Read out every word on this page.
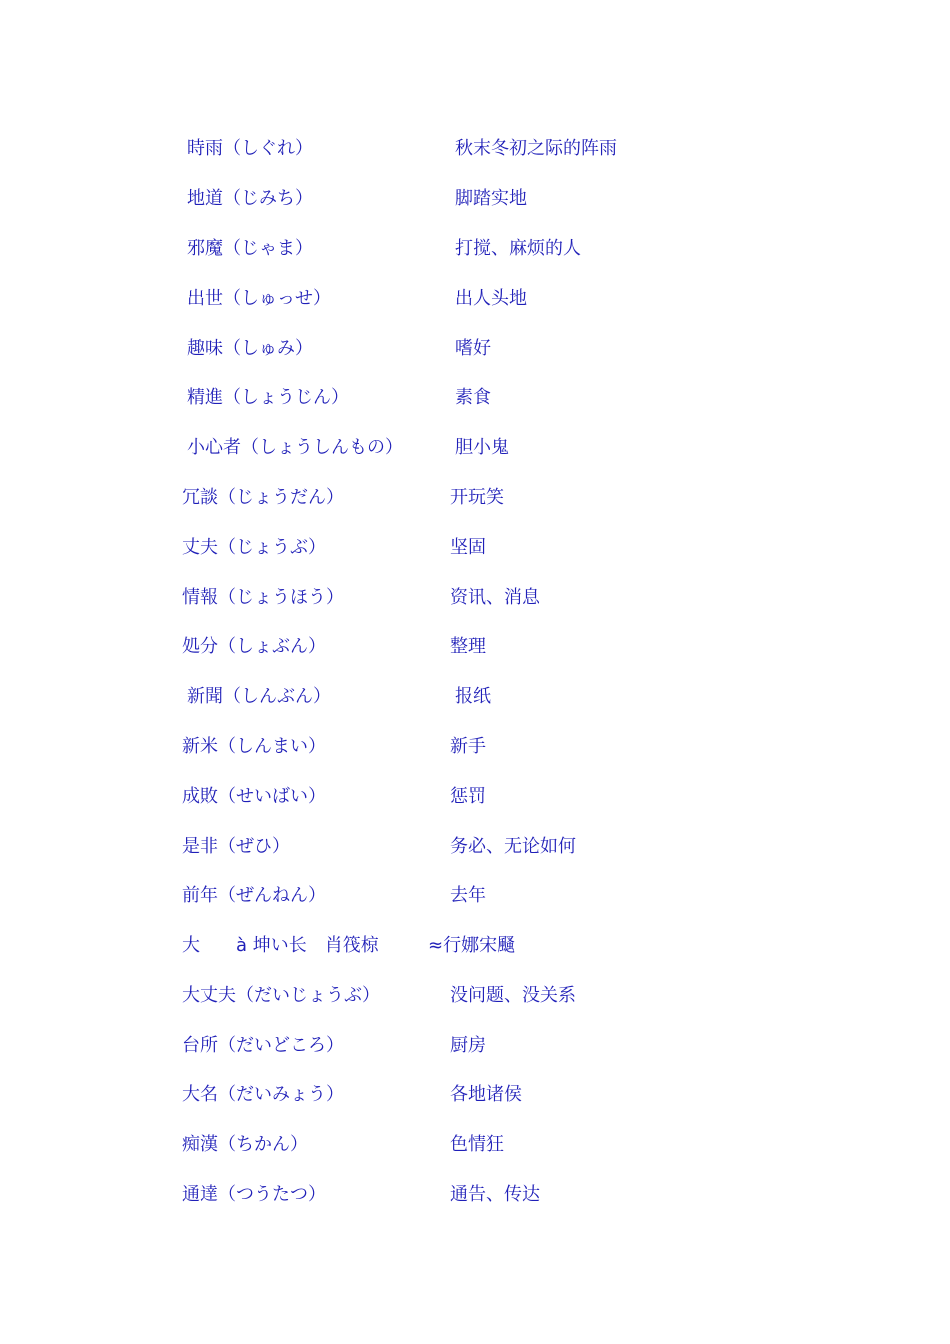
時雨（しぐれ）	秋末冬初之际的阵雨
地道（じみち）	脚踏实地
邪魔（じゃま）	打搅、麻烦的人
出世（しゅっせ）	出人头地
趣味（しゅみ）	嗜好
精進（しょうじん）	素食
小心者（しょうしんもの）	胆小鬼
冗談（じょうだん）	开玩笑
丈夫（じょうぶ）	坚固
情報（じょうほう）	资讯、消息
処分（しょぶん）	整理
新聞（しんぶん）	报纸
新米（しんまい）	新手
成敗（せいばい）	惩罚
是非（ぜひ）	务必、无论如何
前年（ぜんねん）	去年
大　　à 坤い长　肖筏椋	≈行娜宋颾
大丈夫（だいじょうぶ）	没问题、没关系
台所（だいどころ）	厨房
大名（だいみょう）	各地诸侯
痴漢（ちかん）	色情狂
通達（つうたつ）	通告、传达
